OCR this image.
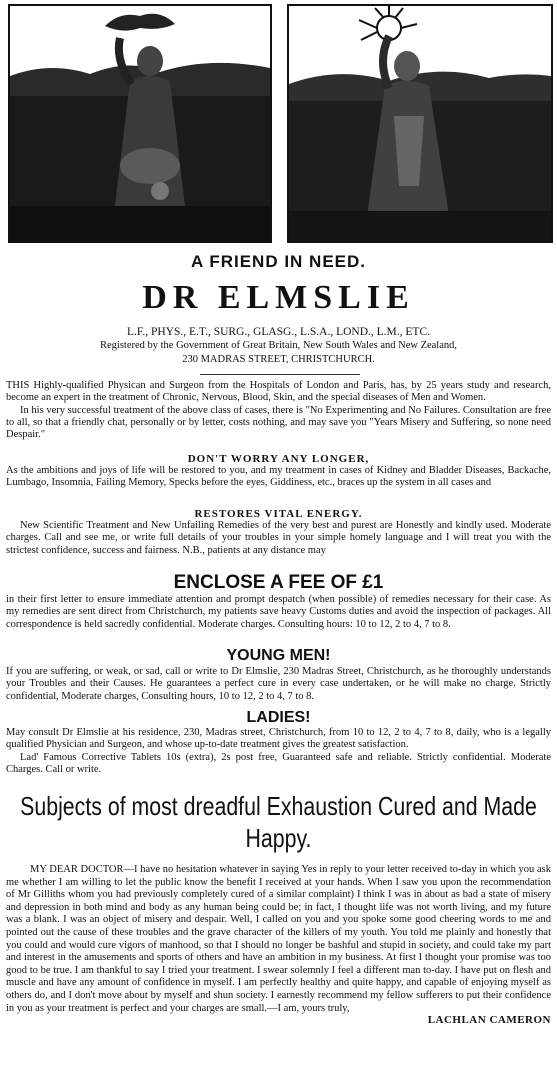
A FRIEND IN NEED.
DR ELMSLIE
L.F., PHYS., E.T., SURG., GLASG., L.S.A., LOND., L.M., ETC.
Registered by the Government of Great Britain, New South Wales and New Zealand,
230 MADRAS STREET, CHRISTCHURCH.

THIS Highly-qualified Physican and Surgeon from the Hospitals of London and Paris, has, by 25 years study and research, become an expert in the treatment of Chronic, Nervous, Blood, Skin, and the special diseases of Men and Women.

In his very successful treatment of the above class of cases, there is "No Experimenting and No Failures. Consultation are free to all, so that a friendly chat, personally or by letter, costs nothing, and may save you "Years Misery and Suffering, so none need Despair."

DON'T WORRY ANY LONGER,

As the ambitions and joys of life will be restored to you, and my treatment in cases of Kidney and Bladder Diseases, Backache, Lumbago, Insomnia, Failing Memory, Specks before the eyes, Giddiness, etc., braces up the system in all cases and

RESTORES VITAL ENERGY.

New Scientific Treatment and New Unfailing Remedies of the very best and purest are Honestly and kindly used. Moderate charges. Call and see me, or write full details of your troubles in your simple homely language and I will treat you with the strictest confidence, success and fairness. N.B., patients at any distance may

ENCLOSE A FEE OF £1

in their first letter to ensure immediate attention and prompt despatch (when possible) of remedies necessary for their case. As my remedies are sent direct from Christchurch, my patients save heavy Customs duties and avoid the inspection of packages. All correspondence is held sacredly confidential. Moderate charges. Consulting hours: 10 to 12, 2 to 4, 7 to 8.

YOUNG MEN!

If you are suffering, or weak, or sad, call or write to Dr Elmslie, 230 Madras Street, Christchurch, as he thoroughly understands your Troubles and their Causes. He guarantees a perfect cure in every case undertaken, or he will make no charge. Strictly confidential, Moderate charges, Consulting hours, 10 to 12, 2 to 4, 7 to 8.

LADIES!

May consult Dr Elmslie at his residence, 230, Madras street, Christchurch, from 10 to 12, 2 to 4, 7 to 8, daily, who is a legally qualified Physician and Surgeon, and whose up-to-date treatment gives the greatest satisfaction.

Lad' Famous Corrective Tablets 10s (extra), 2s post free, Guaranteed safe and reliable. Strictly confidential. Moderate Charges. Call or write.

Subjects of most dreadful Exhaustion Cured and Made Happy.

MY DEAR DOCTOR—I have no hesitation whatever in saying Yes in reply to your letter received to-day in which you ask me whether I am willing to let the public know the benefit I received at your hands. When I saw you upon the recommendation of Mr Gilliths whom you had previously completely cured of a similar complaint) I think I was in about as bad a state of misery and depression in both mind and body as any human being could be; in fact, I thought life was not worth living, and my future was a blank. I was an object of misery and despair. Well, I called on you and you spoke some good cheering words to me and pointed out the cause of these troubles and the grave character of the killers of my youth. You told me plainly and honestly that you could and would cure vigors of manhood, so that I should no longer be bashful and stupid in society, and could take my part and interest in the amusements and sports of others and have an ambition in my business. At first I thought your promise was too good to be true. I am thankful to say I tried your treatment. I swear solemnly I feel a different man to-day. I have put on flesh and muscle and have any amount of confidence in myself. I am perfectly healthy and quite happy, and capable of enjoying myself as others do, and I don't move about by myself and shun society. I earnestly recommend my fellow sufferers to put their confidence in you as your treatment is perfect and your charges are small.—I am, yours truly,

LACHLAN CAMERON
